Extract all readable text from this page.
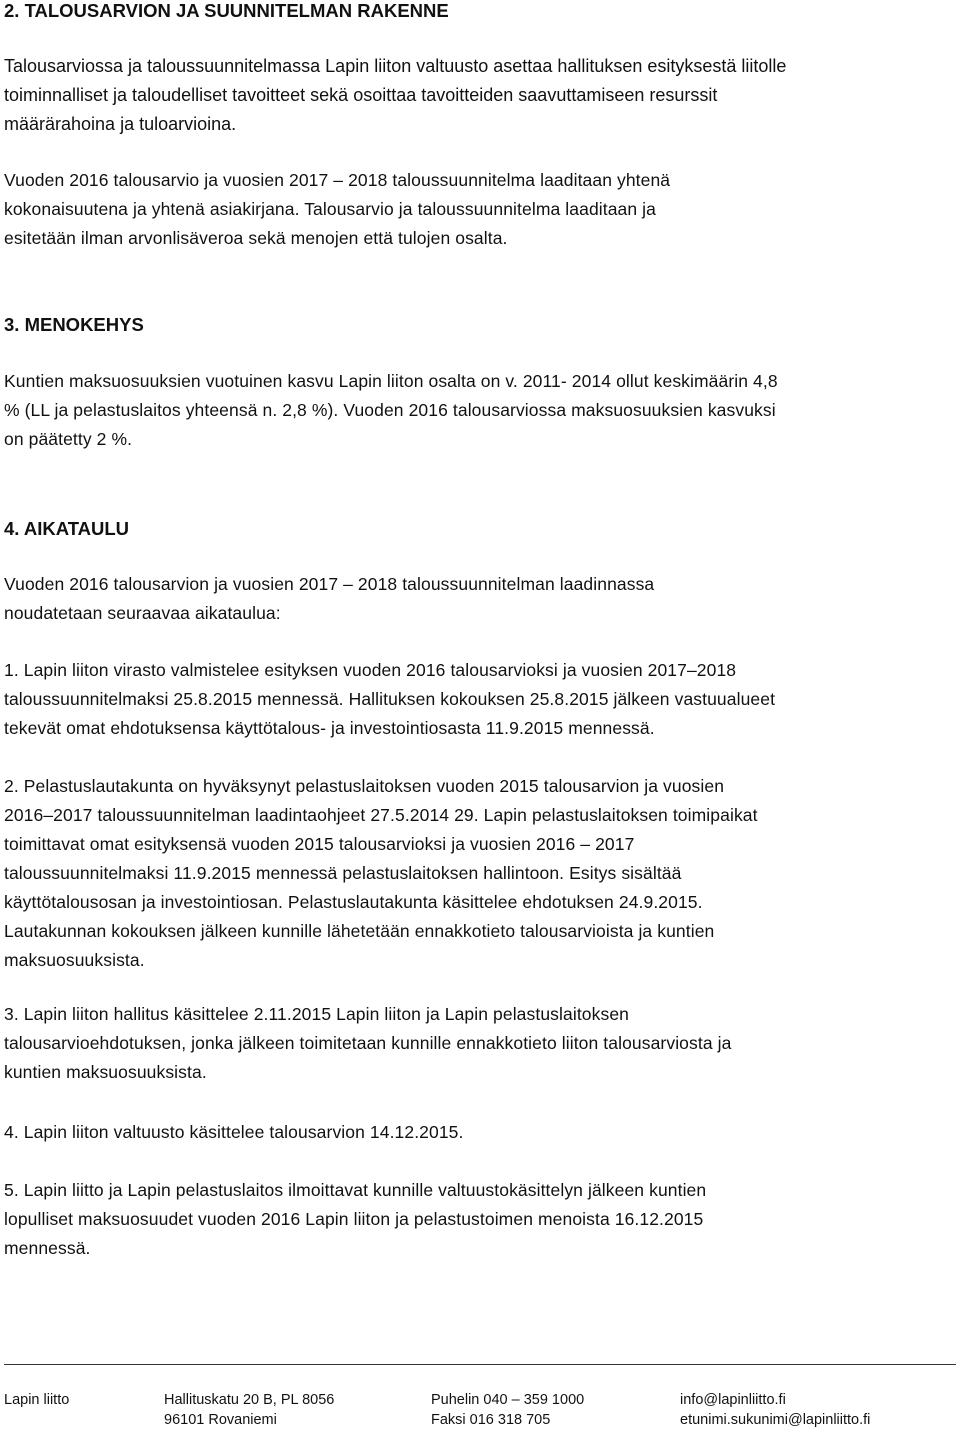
2. TALOUSARVION JA SUUNNITELMAN RAKENNE

Talousarviossa ja taloussuunnitelmassa Lapin liiton valtuusto asettaa hallituksen esityksestä liitolle
toiminnalliset ja taloudelliset tavoitteet sekä osoittaa tavoitteiden saavuttamiseen resurssit
määrärahoina ja tuloarvioina.

Vuoden 2016 talousarvio ja vuosien 2017 – 2018 taloussuunnitelma laaditaan yhtenä
kokonaisuutena ja yhtenä asiakirjana. Talousarvio ja taloussuunnitelma laaditaan ja
esitetään ilman arvonlisäveroa sekä menojen että tulojen osalta.

3. MENOKEHYS

Kuntien maksuosuuksien vuotuinen kasvu Lapin liiton osalta on v. 2011- 2014 ollut keskimäärin 4,8
% (LL ja pelastuslaitos yhteensä n. 2,8 %). Vuoden 2016 talousarviossa maksuosuuksien kasvuksi
on päätetty 2 %.

4. AIKATAULU

Vuoden 2016 talousarvion ja vuosien 2017 – 2018 taloussuunnitelman laadinnassa
noudatetaan seuraavaa aikataulua:

1. Lapin liiton virasto valmistelee esityksen vuoden 2016 talousarvioksi ja vuosien 2017–2018
taloussuunnitelmaksi 25.8.2015 mennessä. Hallituksen kokouksen 25.8.2015 jälkeen vastuualueet
tekevät omat ehdotuksensa käyttötalous- ja investointiosasta 11.9.2015 mennessä.

2. Pelastuslautakunta on hyväksynyt pelastuslaitoksen vuoden 2015 talousarvion ja vuosien
2016–2017 taloussuunnitelman laadintaohjeet 27.5.2014 29. Lapin pelastuslaitoksen toimipaikat
toimittavat omat esityksensä vuoden 2015 talousarvioksi ja vuosien 2016 – 2017
taloussuunnitelmaksi 11.9.2015 mennessä pelastuslaitoksen hallintoon. Esitys sisältää
käyttötalousosan ja investointiosan. Pelastuslautakunta käsittelee ehdotuksen 24.9.2015.
Lautakunnan kokouksen jälkeen kunnille lähetetään ennakkotieto talousarvioista ja kuntien
maksuosuuksista.

3. Lapin liiton hallitus käsittelee 2.11.2015 Lapin liiton ja Lapin pelastuslaitoksen
talousarvioehdotuksen, jonka jälkeen toimitetaan kunnille ennakkotieto liiton talousarviosta ja
kuntien maksuosuuksista.

4. Lapin liiton valtuusto käsittelee talousarvion 14.12.2015.

5. Lapin liitto ja Lapin pelastuslaitos ilmoittavat kunnille valtuustokäsittelyn jälkeen kuntien
lopulliset maksuosuudet vuoden 2016 Lapin liiton ja pelastustoimen menoista 16.12.2015
mennessä.

Lapin liitto	Hallituskatu 20 B, PL 8056
96101 Rovaniemi
Puhelin 040 – 359 1000
Faksi 016 318 705
info@lapinliitto.fi
etunimi.sukunimi@lapinliitto.fi
